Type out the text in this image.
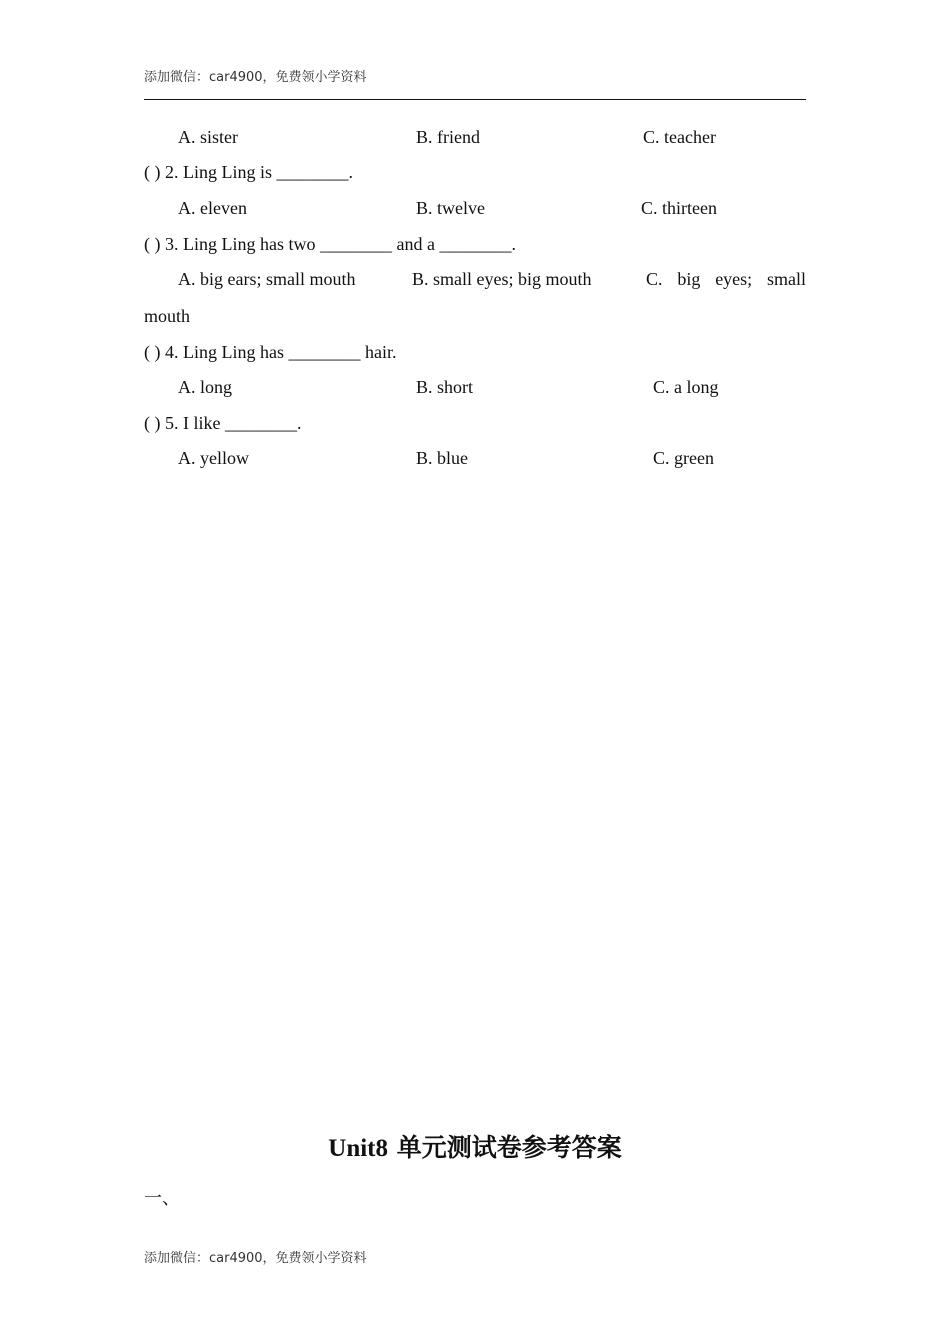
添加微信：car4900，免费领小学资料
A. sister	B. friend	C. teacher
( ) 2. Ling Ling is ________.
A. eleven	B. twelve	C. thirteen
( ) 3. Ling Ling has two ________ and a ________.
A. big ears; small mouth	B. small eyes; big mouth	C. big eyes; small
mouth
( ) 4. Ling Ling has ________ hair.
A. long	B. short	C. a long
( ) 5. I like ________.
A. yellow	B. blue	C. green
Unit8 单元测试卷参考答案
一、
添加微信：car4900，免费领小学资料
